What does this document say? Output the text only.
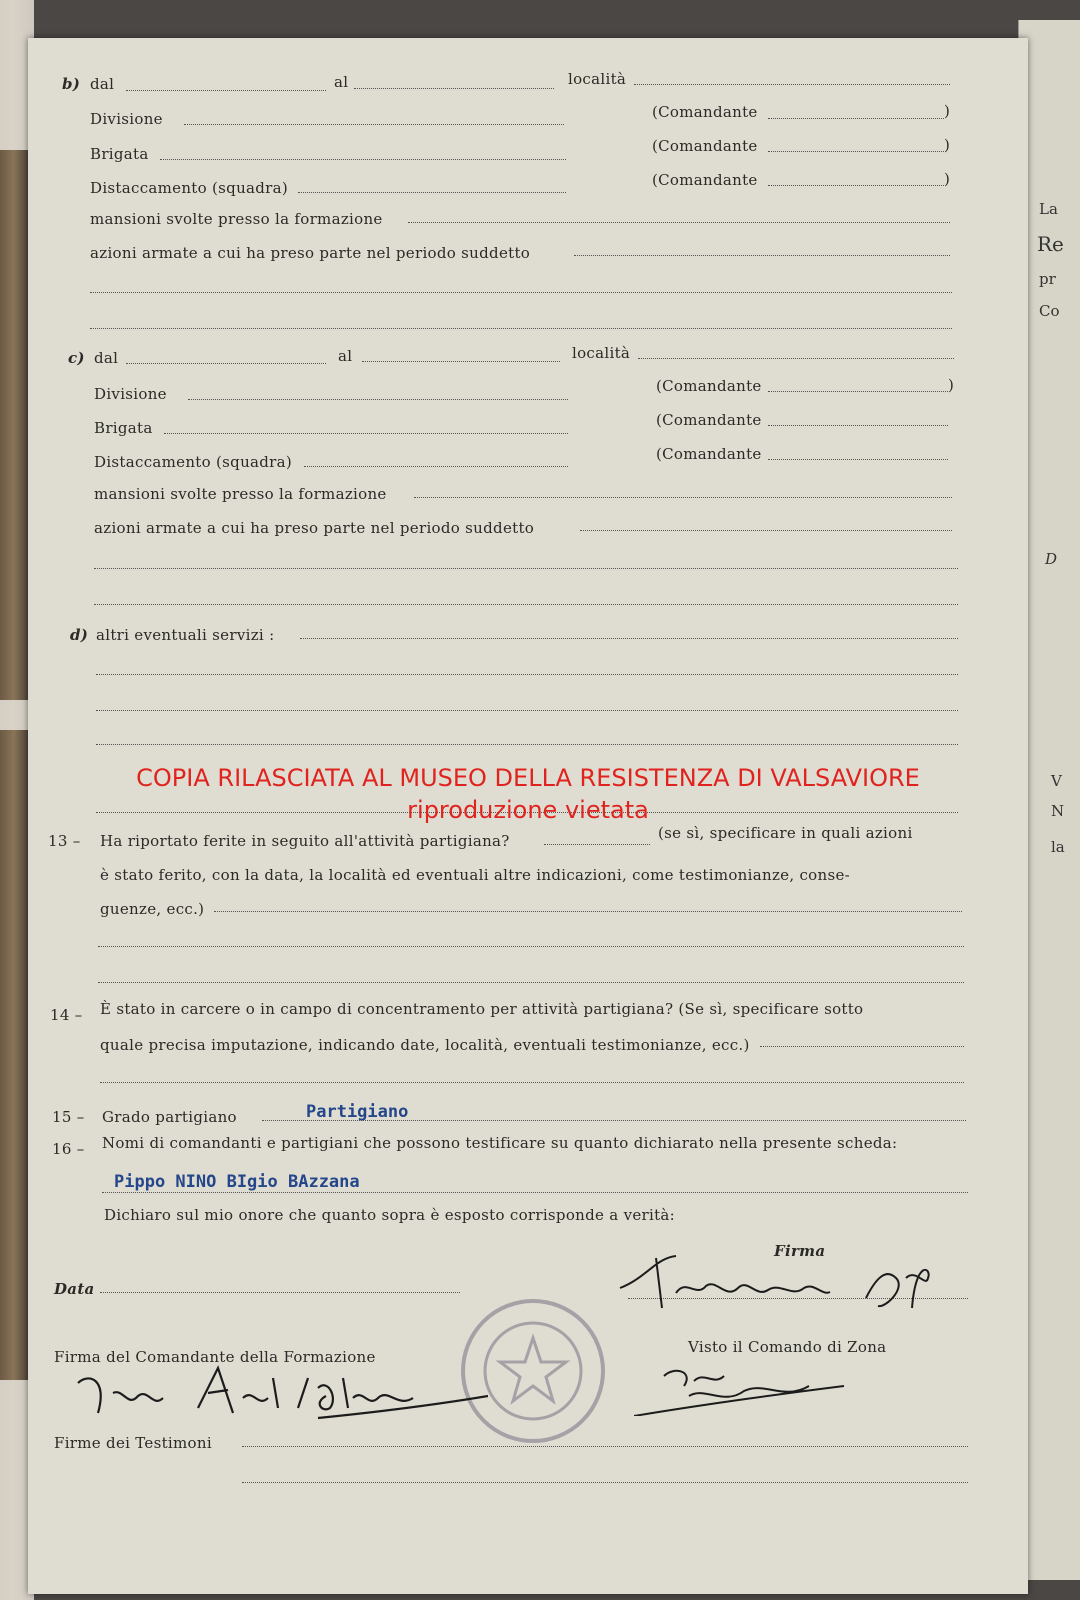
La
Re
pr
Co
D
V
N
la
b) dal	al	località
Divisione	(Comandante	)
Brigata	(Comandante	)
Distaccamento (squadra)	(Comandante	)
mansioni svolte presso la formazione
azioni armate a cui ha preso parte nel periodo suddetto
c) dal	al	località
Divisione	(Comandante	)
Brigata	(Comandante
Distaccamento (squadra)	(Comandante
mansioni svolte presso la formazione
azioni armate a cui ha preso parte nel periodo suddetto
d) altri eventuali servizi :
COPIA RILASCIATA AL MUSEO DELLA RESISTENZA DI VALSAVIORE
riproduzione vietata
13 – Ha riportato ferite in seguito all'attività partigiana?	(se sì, specificare in quali azioni
è stato ferito, con la data, la località ed eventuali altre indicazioni, come testimonianze, conse-
guenze, ecc.)
14 – È stato in carcere o in campo di concentramento per attività partigiana? (Se sì, specificare sotto
quale precisa imputazione, indicando date, località, eventuali testimonianze, ecc.)
15 – Grado partigiano	Partigiano
16 – Nomi di comandanti e partigiani che possono testificare su quanto dichiarato nella presente scheda:
Pippo NINO BIgio BAzzana
Dichiaro sul mio onore che quanto sopra è esposto corrisponde a verità:
Firma
Data
Firma del Comandante della Formazione
Visto il Comando di Zona
Firme dei Testimoni
